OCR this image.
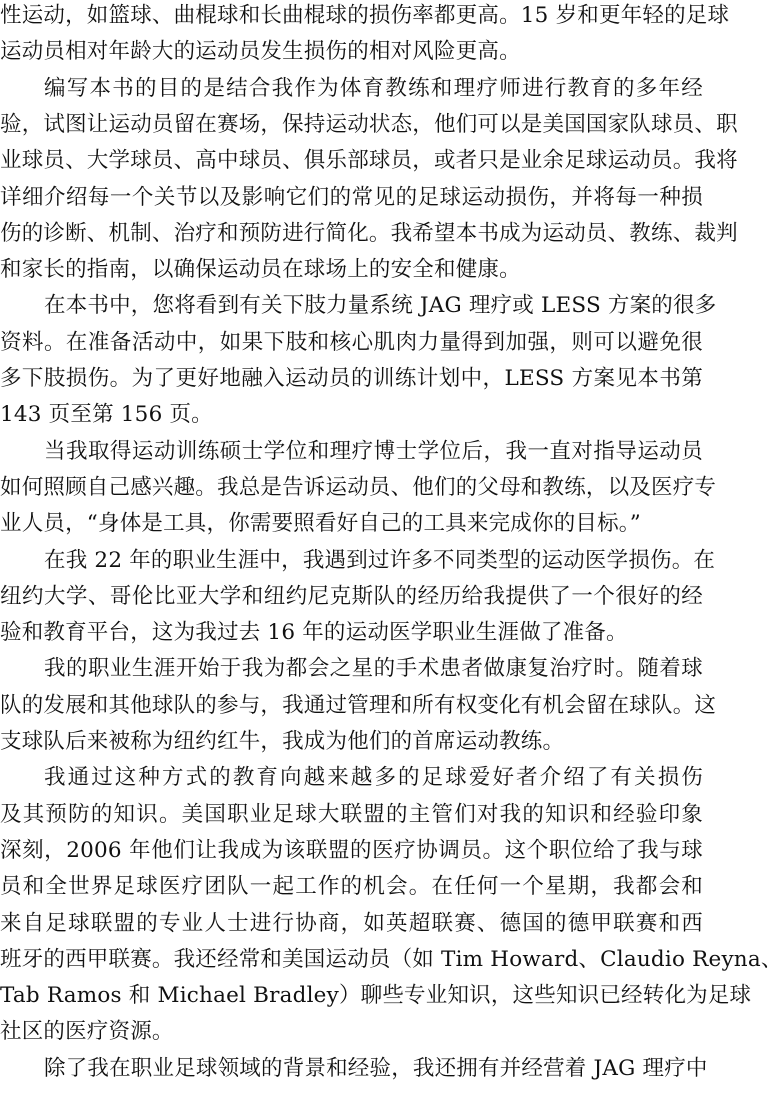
性运动，如篮球、曲棍球和长曲棍球的损伤率都更高。15 岁和更年轻的足球
运动员相对年龄大的运动员发生损伤的相对风险更高。
编写本书的目的是结合我作为体育教练和理疗师进行教育的多年经
验，试图让运动员留在赛场，保持运动状态，他们可以是美国国家队球员、职
业球员、大学球员、高中球员、俱乐部球员，或者只是业余足球运动员。我将
详细介绍每一个关节以及影响它们的常见的足球运动损伤，并将每一种损
伤的诊断、机制、治疗和预防进行简化。我希望本书成为运动员、教练、裁判
和家长的指南，以确保运动员在球场上的安全和健康。
在本书中，您将看到有关下肢力量系统 JAG 理疗或 LESS 方案的很多
资料。在准备活动中，如果下肢和核心肌肉力量得到加强，则可以避免很
多下肢损伤。为了更好地融入运动员的训练计划中，LESS 方案见本书第
143 页至第 156 页。
当我取得运动训练硕士学位和理疗博士学位后，我一直对指导运动员
如何照顾自己感兴趣。我总是告诉运动员、他们的父母和教练，以及医疗专
业人员，“身体是工具，你需要照看好自己的工具来完成你的目标。”
在我 22 年的职业生涯中，我遇到过许多不同类型的运动医学损伤。在
纽约大学、哥伦比亚大学和纽约尼克斯队的经历给我提供了一个很好的经
验和教育平台，这为我过去 16 年的运动医学职业生涯做了准备。
我的职业生涯开始于我为都会之星的手术患者做康复治疗时。随着球
队的发展和其他球队的参与，我通过管理和所有权变化有机会留在球队。这
支球队后来被称为纽约红牛，我成为他们的首席运动教练。
我通过这种方式的教育向越来越多的足球爱好者介绍了有关损伤
及其预防的知识。美国职业足球大联盟的主管们对我的知识和经验印象
深刻，2006 年他们让我成为该联盟的医疗协调员。这个职位给了我与球
员和全世界足球医疗团队一起工作的机会。在任何一个星期，我都会和
来自足球联盟的专业人士进行协商，如英超联赛、德国的德甲联赛和西
班牙的西甲联赛。我还经常和美国运动员（如 Tim Howard、Claudio Reyna、
Tab Ramos 和 Michael Bradley）聊些专业知识，这些知识已经转化为足球
社区的医疗资源。
除了我在职业足球领域的背景和经验，我还拥有并经营着 JAG 理疗中
